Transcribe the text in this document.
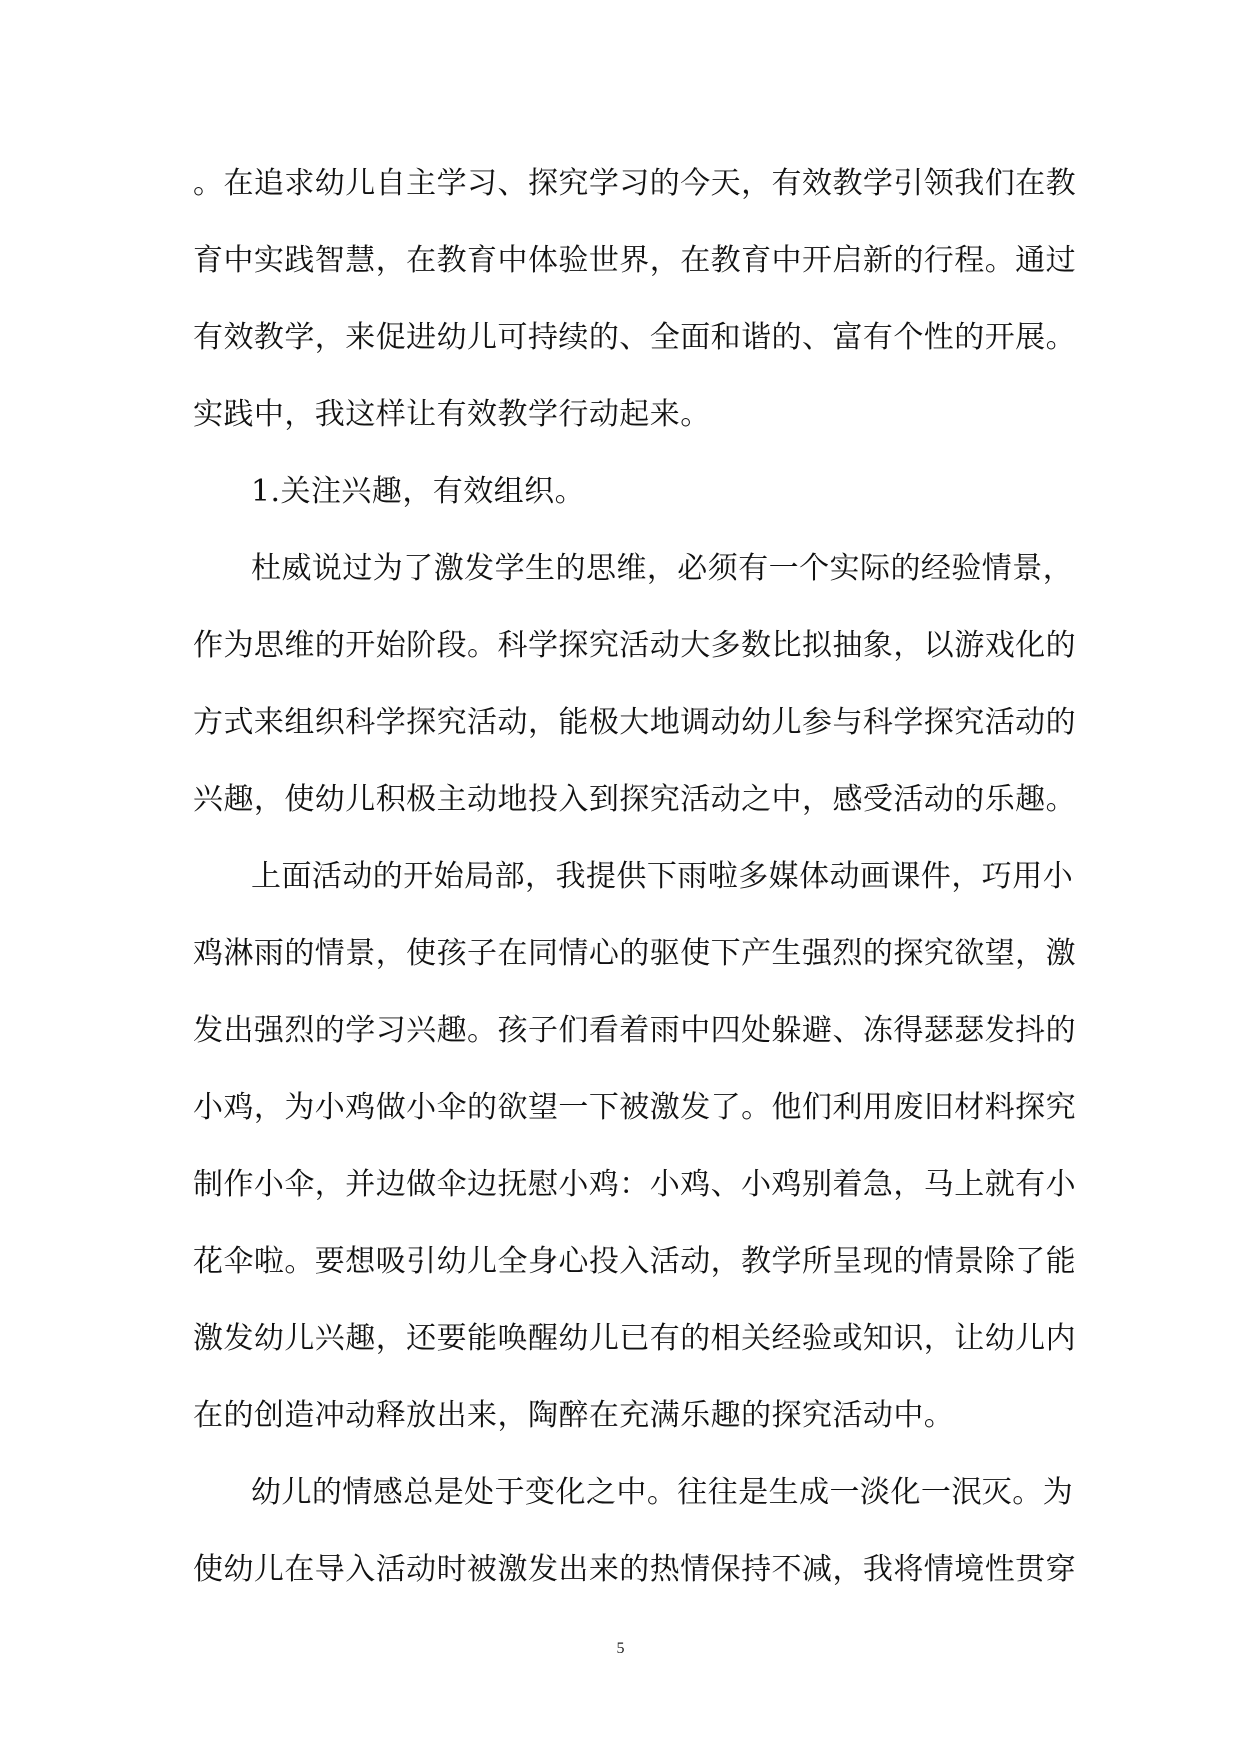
。在追求幼儿自主学习、探究学习的今天，有效教学引领我们在教
育中实践智慧，在教育中体验世界，在教育中开启新的行程。通过
有效教学，来促进幼儿可持续的、全面和谐的、富有个性的开展。
实践中，我这样让有效教学行动起来。
1.关注兴趣，有效组织。
杜威说过为了激发学生的思维，必须有一个实际的经验情景，
作为思维的开始阶段。科学探究活动大多数比拟抽象，以游戏化的
方式来组织科学探究活动，能极大地调动幼儿参与科学探究活动的
兴趣，使幼儿积极主动地投入到探究活动之中，感受活动的乐趣。
上面活动的开始局部，我提供下雨啦多媒体动画课件，巧用小
鸡淋雨的情景，使孩子在同情心的驱使下产生强烈的探究欲望，激
发出强烈的学习兴趣。孩子们看着雨中四处躲避、冻得瑟瑟发抖的
小鸡，为小鸡做小伞的欲望一下被激发了。他们利用废旧材料探究
制作小伞，并边做伞边抚慰小鸡：小鸡、小鸡别着急，马上就有小
花伞啦。要想吸引幼儿全身心投入活动，教学所呈现的情景除了能
激发幼儿兴趣，还要能唤醒幼儿已有的相关经验或知识，让幼儿内
在的创造冲动释放出来，陶醉在充满乐趣的探究活动中。
幼儿的情感总是处于变化之中。往往是生成一淡化一泯灭。为
使幼儿在导入活动时被激发出来的热情保持不减，我将情境性贯穿
5
